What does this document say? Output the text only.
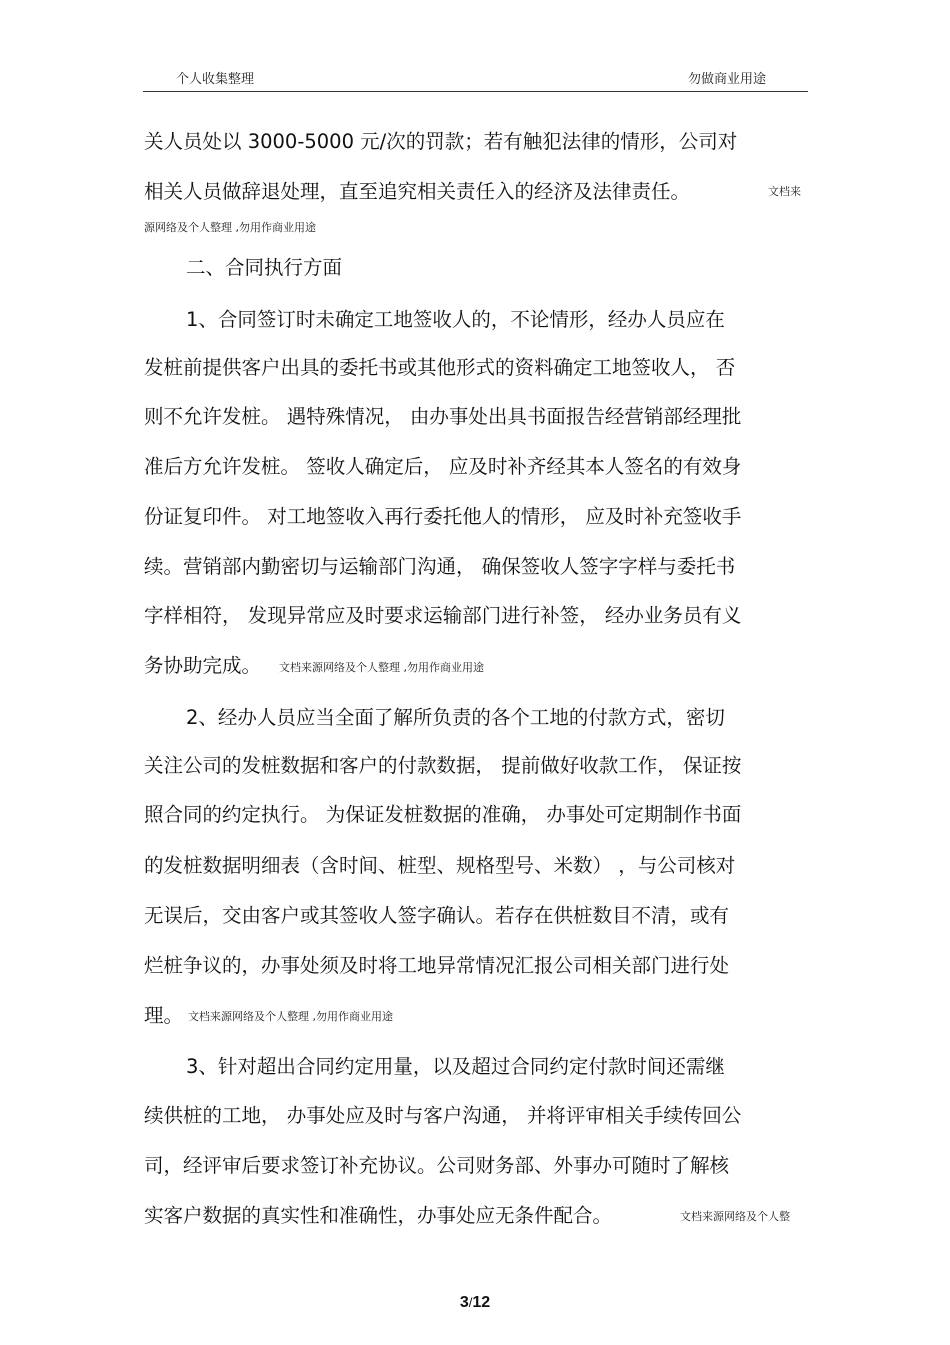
个人收集整理	勿做商业用途
关人员处以 3000-5000 元/次的罚款；若有触犯法律的情形，公司对
相关人员做辞退处理，直至追究相关责任入的经济及法律责任。	文档来
源网络及个人整理 ,勿用作商业用途
二、合同执行方面
1、合同签订时未确定工地签收人的，不论情形，经办人员应在
发桩前提供客户出具的委托书或其他形式的资料确定工地签收人， 否
则不允许发桩。 遇特殊情况， 由办事处出具书面报告经营销部经理批
准后方允许发桩。 签收人确定后， 应及时补齐经其本人签名的有效身
份证复印件。 对工地签收入再行委托他人的情形， 应及时补充签收手
续。营销部内勤密切与运输部门沟通， 确保签收人签字字样与委托书
字样相符， 发现异常应及时要求运输部门进行补签， 经办业务员有义
务协助完成。 文档来源网络及个人整理 ,勿用作商业用途
2、经办人员应当全面了解所负责的各个工地的付款方式，密切
关注公司的发桩数据和客户的付款数据， 提前做好收款工作， 保证按
照合同的约定执行。 为保证发桩数据的准确， 办事处可定期制作书面
的发桩数据明细表（含时间、桩型、规格型号、米数） ，与公司核对
无误后，交由客户或其签收人签字确认。若存在供桩数目不清，或有
烂桩争议的，办事处须及时将工地异常情况汇报公司相关部门进行处
理。 文档来源网络及个人整理 ,勿用作商业用途
3、针对超出合同约定用量，以及超过合同约定付款时间还需继
续供桩的工地， 办事处应及时与客户沟通， 并将评审相关手续传回公
司，经评审后要求签订补充协议。公司财务部、外事办可随时了解核
实客户数据的真实性和准确性，办事处应无条件配合。	文档来源网络及个人整
3/12
